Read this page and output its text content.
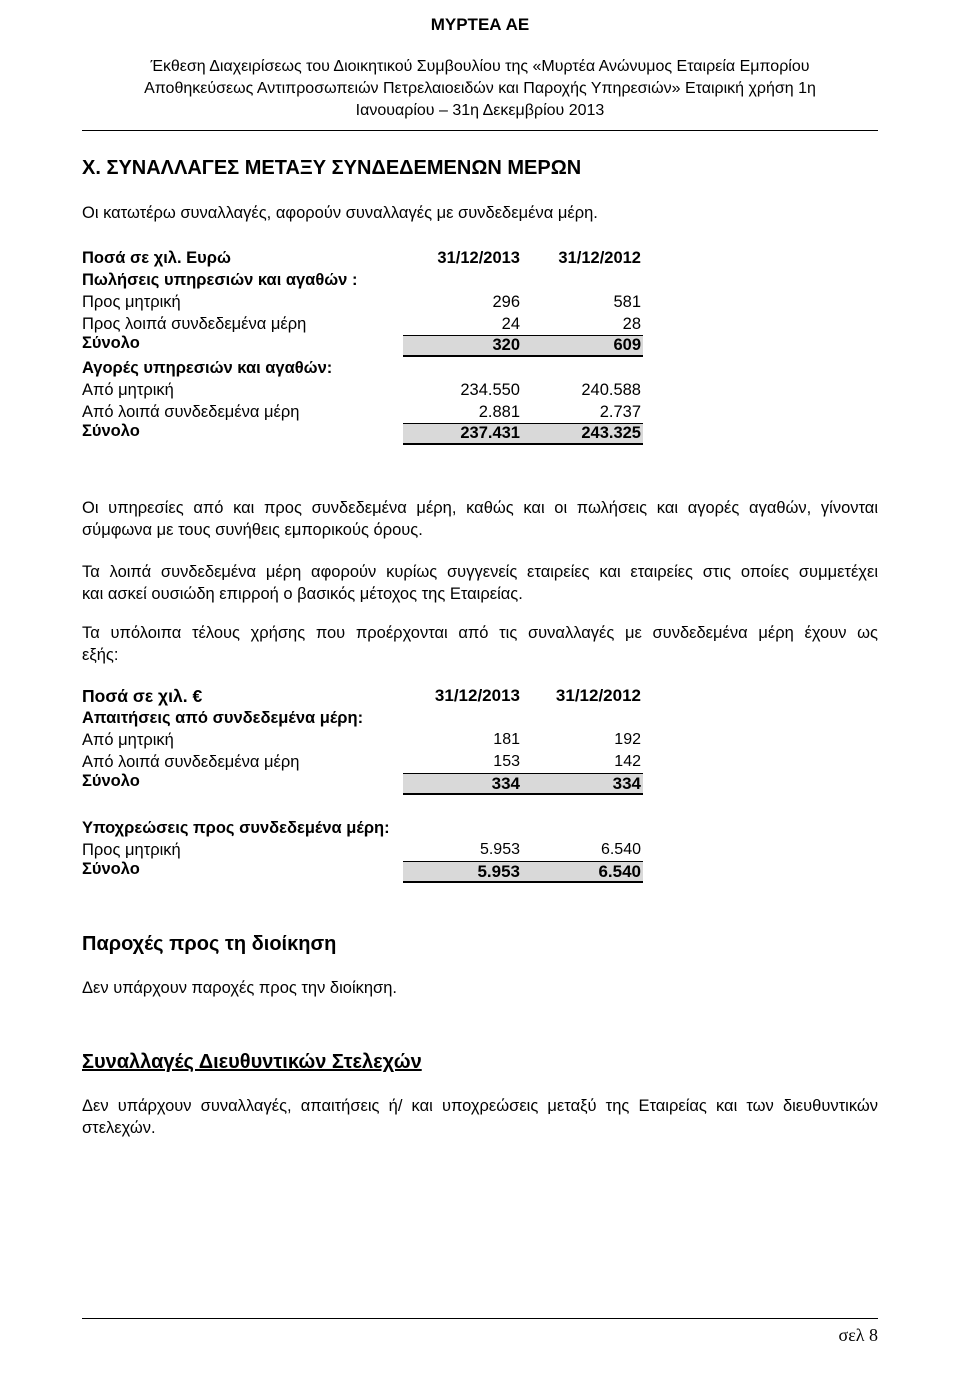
ΜΥΡΤΕΑ ΑΕ
Έκθεση Διαχειρίσεως του Διοικητικού Συμβουλίου της «Μυρτέα Ανώνυμος Εταιρεία Εμπορίου
Αποθηκεύσεως Αντιπροσωπειών Πετρελαιοειδών και Παροχής Υπηρεσιών» Εταιρική χρήση 1η
Ιανουαρίου – 31η Δεκεμβρίου 2013
X. ΣΥΝΑΛΛΑΓΕΣ ΜΕΤΑΞΥ ΣΥΝΔΕΔΕΜΕΝΩΝ ΜΕΡΩΝ
Οι κατωτέρω συναλλαγές, αφορούν συναλλαγές με συνδεδεμένα μέρη.
Ποσά σε χιλ. Ευρώ	31/12/2013	31/12/2012
Πωλήσεις υπηρεσιών και αγαθών :
Προς μητρική	296	581
Προς λοιπά συνδεδεμένα μέρη	24	28
Σύνολο	320	609
Αγορές υπηρεσιών και αγαθών:
Από μητρική	234.550	240.588
Από λοιπά συνδεδεμένα μέρη	2.881	2.737
Σύνολο	237.431	243.325
Οι υπηρεσίες από και προς συνδεδεμένα μέρη, καθώς και οι πωλήσεις και αγορές αγαθών, γίνονται
σύμφωνα με τους συνήθεις εμπορικούς όρους.
Τα λοιπά συνδεδεμένα μέρη αφορούν κυρίως συγγενείς εταιρείες και εταιρείες στις οποίες συμμετέχει
και ασκεί ουσιώδη επιρροή ο βασικός μέτοχος της Εταιρείας.
Τα υπόλοιπα τέλους χρήσης που προέρχονται από τις συναλλαγές με συνδεδεμένα μέρη έχουν ως
εξής:
Ποσά σε χιλ. €	31/12/2013	31/12/2012
Απαιτήσεις από συνδεδεμένα μέρη:
Από μητρική	181	192
Από λοιπά συνδεδεμένα μέρη	153	142
Σύνολο	334	334
Υποχρεώσεις προς συνδεδεμένα μέρη:
Προς μητρική	5.953	6.540
Σύνολο	5.953	6.540
Παροχές προς τη διοίκηση
Δεν υπάρχουν παροχές προς την διοίκηση.
Συναλλαγές Διευθυντικών Στελεχών
Δεν υπάρχουν συναλλαγές, απαιτήσεις ή/ και υποχρεώσεις μεταξύ της Εταιρείας και των διευθυντικών
στελεχών.
σελ 8
